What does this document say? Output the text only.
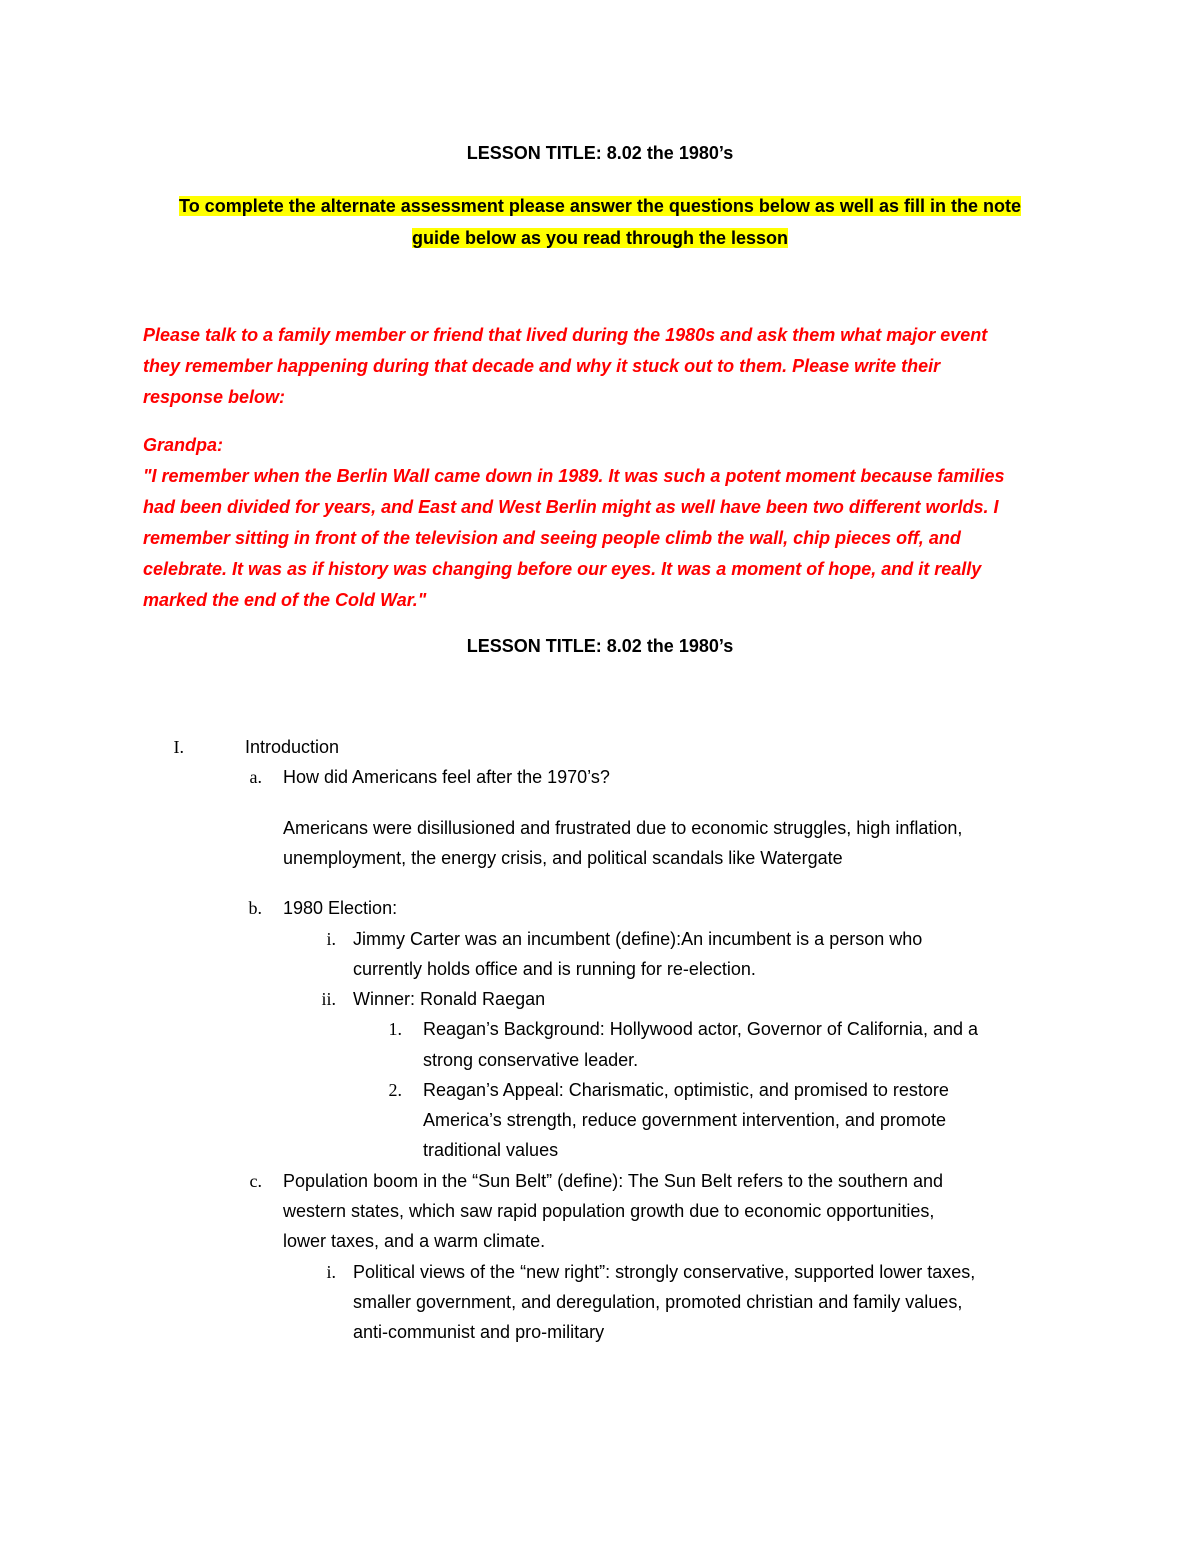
LESSON TITLE: 8.02 the 1980’s
To complete the alternate assessment please answer the questions below as well as fill in the note
guide below as you read through the lesson
Please talk to a family member or friend that lived during the 1980s and ask them what major event
they remember happening during that decade and why it stuck out to them. Please write their
response below:
Grandpa:
"I remember when the Berlin Wall came down in 1989. It was such a potent moment because families
had been divided for years, and East and West Berlin might as well have been two different worlds. I
remember sitting in front of the television and seeing people climb the wall, chip pieces off, and
celebrate. It was as if history was changing before our eyes. It was a moment of hope, and it really
marked the end of the Cold War."
LESSON TITLE: 8.02 the 1980’s
I.	Introduction
a. How did Americans feel after the 1970’s?
Americans were disillusioned and frustrated due to economic struggles, high inflation,
unemployment, the energy crisis, and political scandals like Watergate
b. 1980 Election:
i. Jimmy Carter was an incumbent (define):An incumbent is a person who
currently holds office and is running for re-election.
ii. Winner: Ronald Raegan
1. Reagan’s Background: Hollywood actor, Governor of California, and a
strong conservative leader.
2. Reagan’s Appeal: Charismatic, optimistic, and promised to restore
America’s strength, reduce government intervention, and promote
traditional values
c. Population boom in the “Sun Belt” (define): The Sun Belt refers to the southern and
western states, which saw rapid population growth due to economic opportunities,
lower taxes, and a warm climate.
i. Political views of the “new right”: strongly conservative, supported lower taxes,
smaller government, and deregulation, promoted christian and family values,
anti-communist and pro-military
